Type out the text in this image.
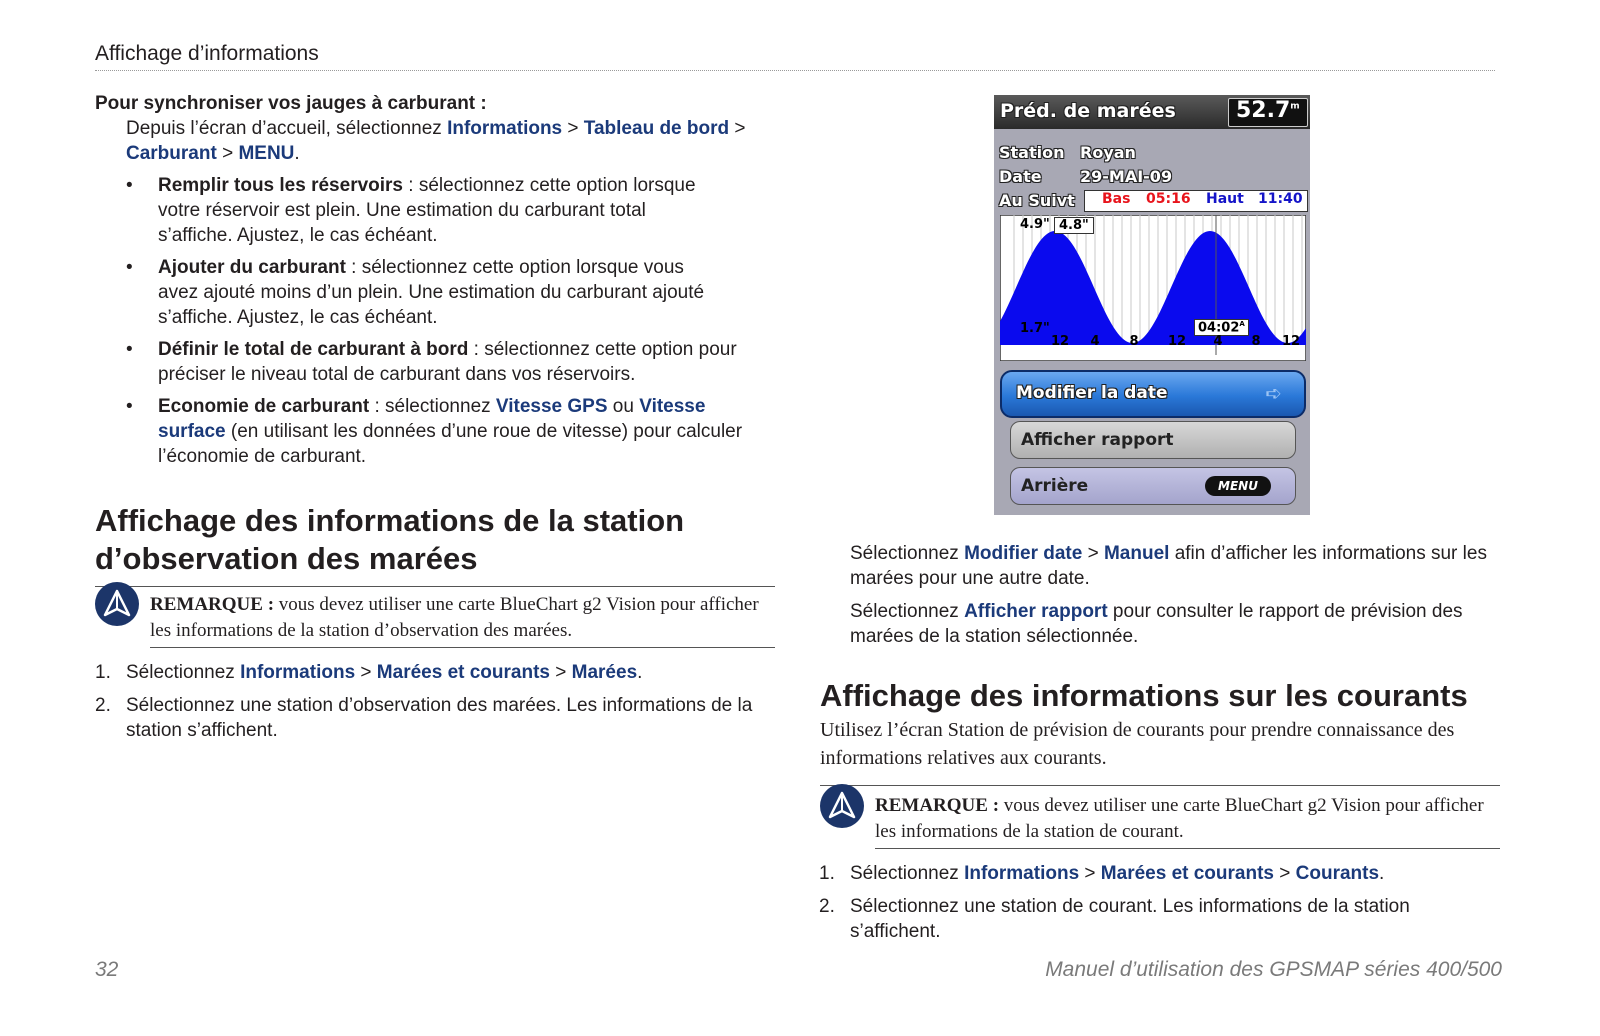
Affichage d’informations
Pour synchroniser vos jauges à carburant :
Depuis l’écran d’accueil, sélectionnez Informations > Tableau de bord > Carburant > MENU.
• Remplir tous les réservoirs : sélectionnez cette option lorsque votre réservoir est plein. Une estimation du carburant total s’affiche. Ajustez, le cas échéant.
• Ajouter du carburant : sélectionnez cette option lorsque vous avez ajouté moins d’un plein. Une estimation du carburant ajouté s’affiche. Ajustez, le cas échéant.
• Définir le total de carburant à bord : sélectionnez cette option pour préciser le niveau total de carburant dans vos réservoirs.
• Economie de carburant : sélectionnez Vitesse GPS ou Vitesse surface (en utilisant les données d’une roue de vitesse) pour calculer l’économie de carburant.
Affichage des informations de la station d’observation des marées
REMARQUE : vous devez utiliser une carte BlueChart g2 Vision pour afficher les informations de la station d’observation des marées.
1. Sélectionnez Informations > Marées et courants > Marées.
2. Sélectionnez une station d’observation des marées. Les informations de la station s’affichent.
Préd. de marées	52.7$^m$
Station Royan
Date 29-MAI-09
Au Suivt Bas 05:16 Haut 11:40
4.9" 4.8"
1.7"	$04:02^A$
12 4 8 12 4 8 12
Modifier la date	➪
Afficher rapport
Arrière	MENU
Sélectionnez Modifier date > Manuel afin d’afficher les informations sur les marées pour une autre date.
Sélectionnez Afficher rapport pour consulter le rapport de prévision des marées de la station sélectionnée.
Affichage des informations sur les courants
Utilisez l’écran Station de prévision de courants pour prendre connaissance des informations relatives aux courants.
REMARQUE : vous devez utiliser une carte BlueChart g2 Vision pour afficher les informations de la station de courant.
1. Sélectionnez Informations > Marées et courants > Courants.
2. Sélectionnez une station de courant. Les informations de la station s’affichent.
32	Manuel d’utilisation des GPSMAP séries 400/500
